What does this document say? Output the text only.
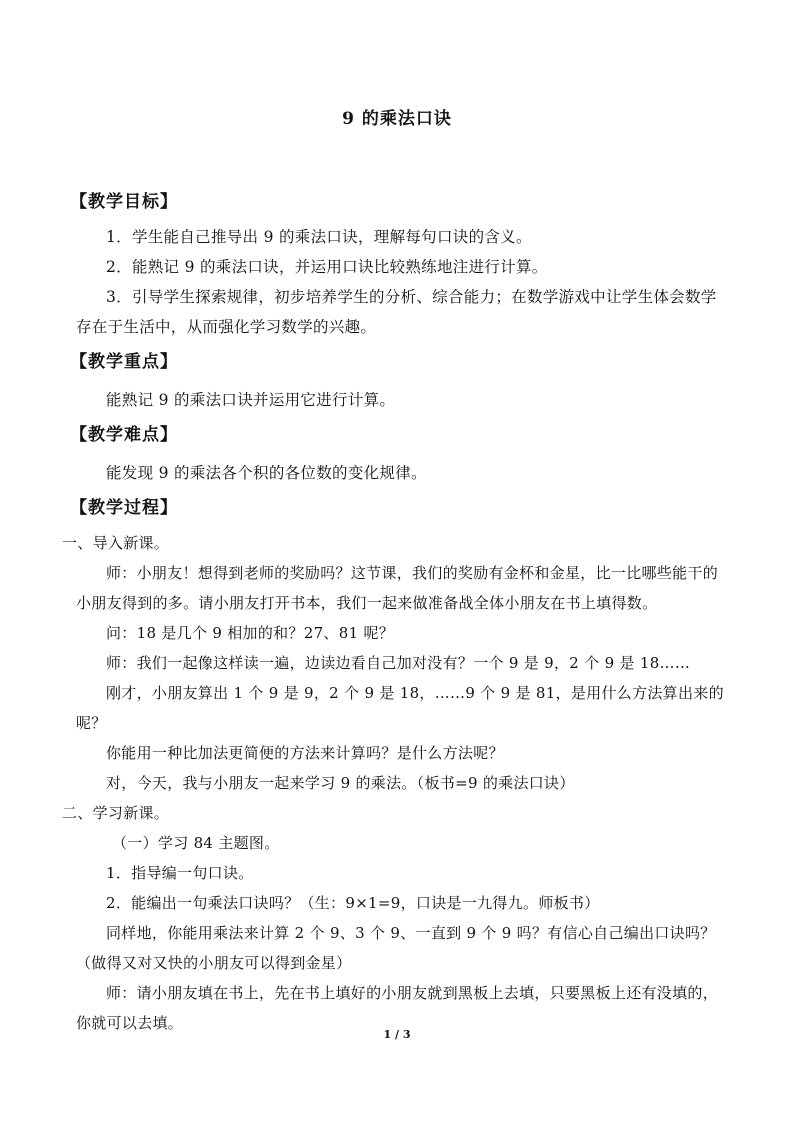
9 的乘法口诀
【教学目标】
1．学生能自己推导出 9 的乘法口诀，理解每句口诀的含义。
2．能熟记 9 的乘法口诀，并运用口诀比较熟练地注进行计算。
3．引导学生探索规律，初步培养学生的分析、综合能力；在数学游戏中让学生体会数学存在于生活中，从而强化学习数学的兴趣。
【教学重点】
能熟记 9 的乘法口诀并运用它进行计算。
【教学难点】
能发现 9 的乘法各个积的各位数的变化规律。
【教学过程】
一、导入新课。
师：小朋友！想得到老师的奖励吗？这节课，我们的奖励有金杯和金星，比一比哪些能干的小朋友得到的多。请小朋友打开书本，我们一起来做准备战全体小朋友在书上填得数。
问：18 是几个 9 相加的和？27、81 呢？
师：我们一起像这样读一遍，边读边看自己加对没有？一个 9 是 9，2 个 9 是 18……
刚才，小朋友算出 1 个 9 是 9，2 个 9 是 18，……9 个 9 是 81，是用什么方法算出来的呢？
你能用一种比加法更简便的方法来计算吗？是什么方法呢？
对，今天，我与小朋友一起来学习 9 的乘法。（板书=9 的乘法口诀）
二、学习新课。
（一）学习 84 主题图。
1．指导编一句口诀。
2．能编出一句乘法口诀吗？（生：9×1=9，口诀是一九得九。师板书）
同样地，你能用乘法来计算 2 个 9、3 个 9、一直到 9 个 9 吗？有信心自己编出口诀吗？（做得又对又快的小朋友可以得到金星）
师：请小朋友填在书上，先在书上填好的小朋友就到黑板上去填，只要黑板上还有没填的，你就可以去填。
1 / 3
